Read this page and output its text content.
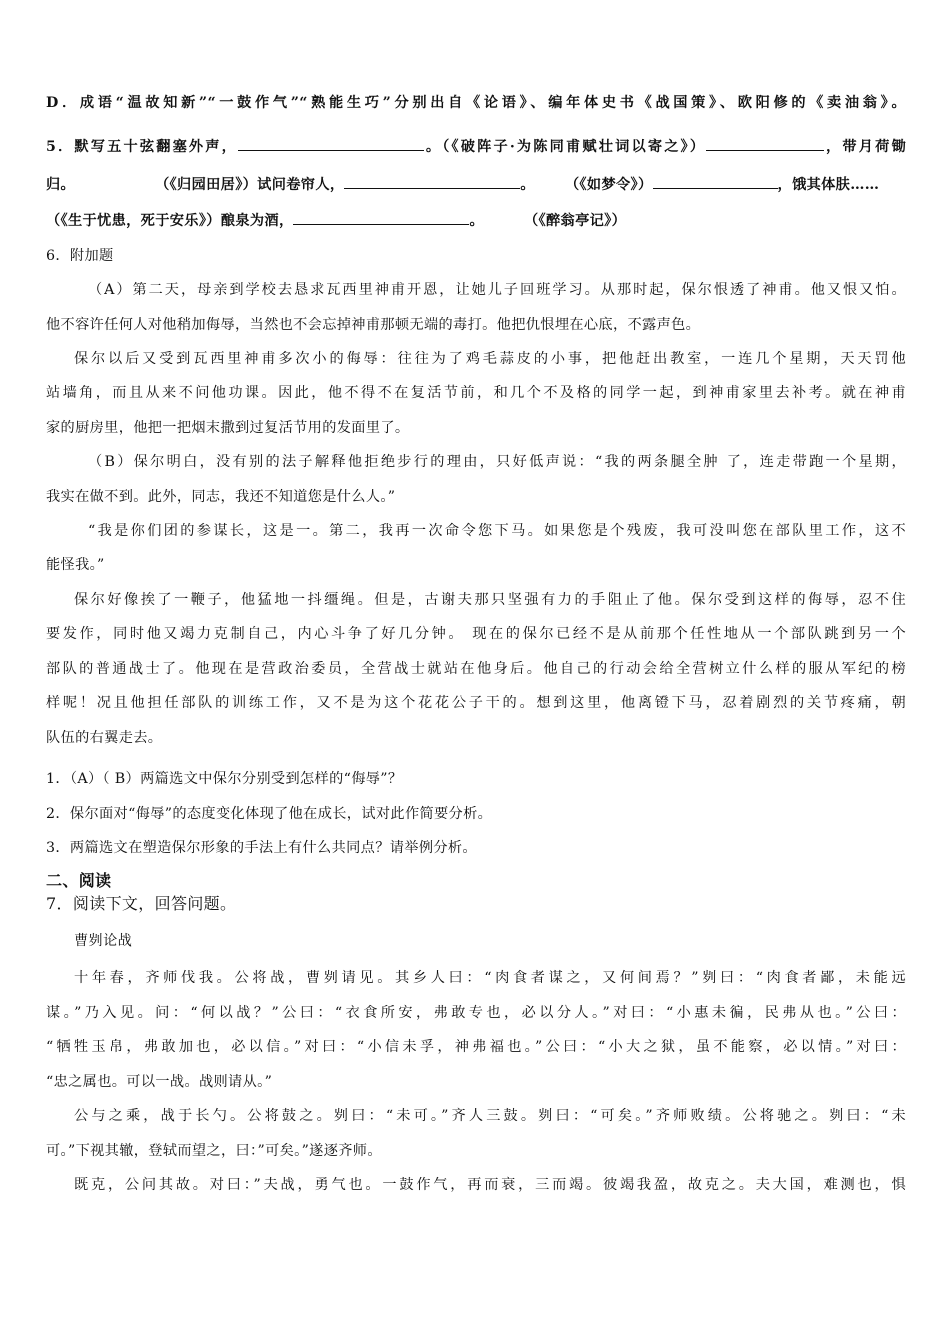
D．成语“温故知新”“一鼓作气”“熟能生巧”分别出自《论语》、编年体史书《战国策》、欧阳修的《卖油翁》。
5．默写五十弦翻塞外声，	。（《破阵子·为陈同甫赋壮词以寄之》）	，带月荷锄
归。	（《归园田居》）试问卷帘人，	。 （《如梦令》）	，饿其体肤……
（《生于忧患，死于安乐》）酿泉为酒，	。	（《醉翁亭记》）
6．附加题
（A）第二天，母亲到学校去恳求瓦西里神甫开恩，让她儿子回班学习。从那时起，保尔恨透了神甫。他又恨又怕。
他不容许任何人对他稍加侮辱，当然也不会忘掉神甫那顿无端的毒打。他把仇恨埋在心底，不露声色。
保尔以后又受到瓦西里神甫多次小的侮辱：往往为了鸡毛蒜皮的小事，把他赶出教室，一连几个星期，天天罚他
站墙角，而且从来不问他功课。因此，他不得不在复活节前，和几个不及格的同学一起，到神甫家里去补考。就在神甫
家的厨房里，他把一把烟末撒到过复活节用的发面里了。
（B）保尔明白，没有别的法子解释他拒绝步行的理由，只好低声说：“我的两条腿全肿 了，连走带跑一个星期，
我实在做不到。此外，同志，我还不知道您是什么人。”
“我是你们团的参谋长，这是一。第二，我再一次命令您下马。如果您是个残废，我可没叫您在部队里工作，这不
能怪我。”
保尔好像挨了一鞭子，他猛地一抖缰绳。但是，古谢夫那只坚强有力的手阻止了他。保尔受到这样的侮辱，忍不住
要发作，同时他又竭力克制自己，内心斗争了好几分钟。 现在的保尔已经不是从前那个任性地从一个部队跳到另一个
部队的普通战士了。他现在是营政治委员，全营战士就站在他身后。他自己的行动会给全营树立什么样的服从军纪的榜
样呢！况且他担任部队的训练工作，又不是为这个花花公子干的。想到这里，他离镫下马，忍着剧烈的关节疼痛，朝
队伍的右翼走去。
1．（A）（ B）两篇选文中保尔分别受到怎样的“侮辱”？
2．保尔面对“侮辱”的态度变化体现了他在成长，试对此作简要分析。
3．两篇选文在塑造保尔形象的手法上有什么共同点？请举例分析。
二、阅读
7．阅读下文，回答问题。
曹刿论战
十年春，齐师伐我。公将战，曹刿请见。其乡人曰：“肉食者谋之，又何间焉？”刿曰：“肉食者鄙，未能远
谋。”乃入见。问：“何以战？”公曰：“衣食所安，弗敢专也，必以分人。”对曰：“小惠未徧，民弗从也。”公曰：
“牺牲玉帛，弗敢加也，必以信。”对曰：“小信未孚，神弗福也。”公曰：“小大之狱，虽不能察，必以情。”对曰：
“忠之属也。可以一战。战则请从。”
公与之乘，战于长勺。公将鼓之。刿曰：“未可。”齐人三鼓。刿曰：“可矣。”齐师败绩。公将驰之。刿曰：“未
可。”下视其辙，登轼而望之，曰：”可矣。”遂逐齐师。
既克，公问其故。对曰：”夫战，勇气也。一鼓作气，再而衰，三而竭。彼竭我盈，故克之。夫大国，难测也，惧
